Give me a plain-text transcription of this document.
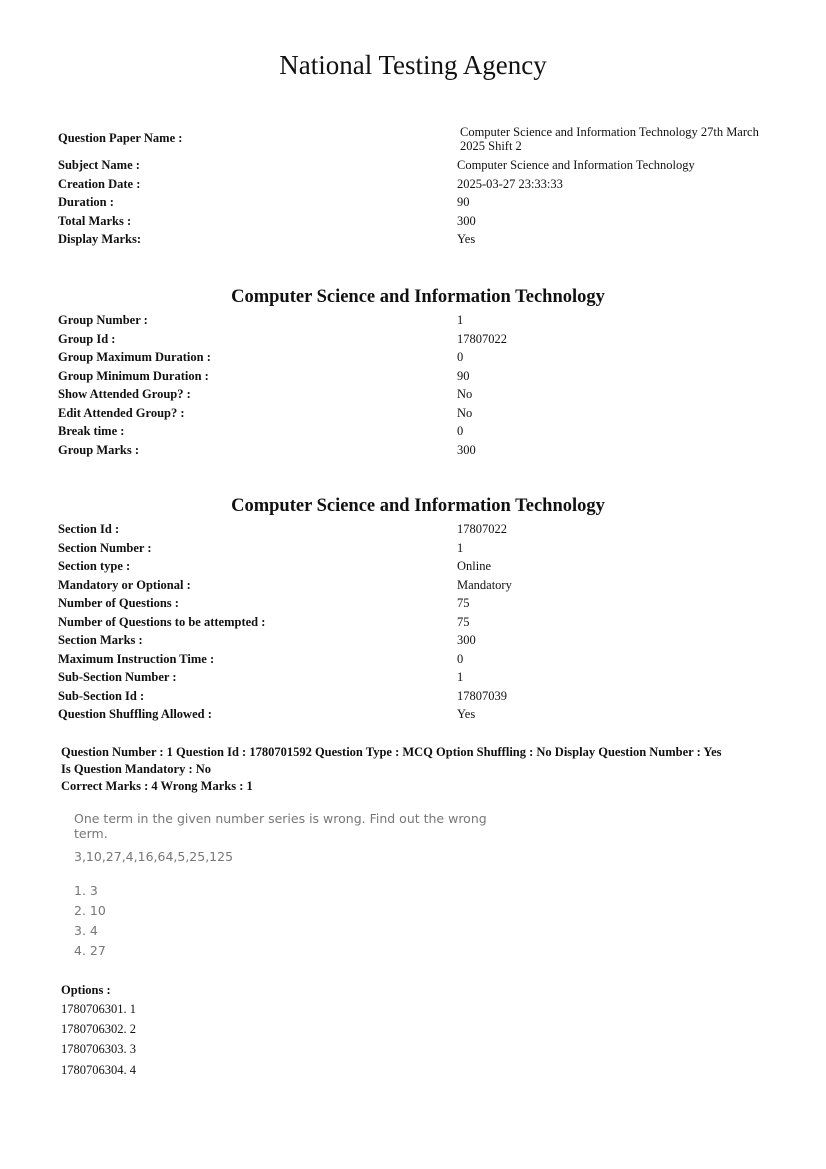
National Testing Agency
Question Paper Name :	Computer Science and Information Technology 27th March 2025 Shift 2
Subject Name :	Computer Science and Information Technology
Creation Date :	2025-03-27 23:33:33
Duration :	90
Total Marks :	300
Display Marks:	Yes
Computer Science and Information Technology
Group Number :	1
Group Id :	17807022
Group Maximum Duration :	0
Group Minimum Duration :	90
Show Attended Group? :	No
Edit Attended Group? :	No
Break time :	0
Group Marks :	300
Computer Science and Information Technology
Section Id :	17807022
Section Number :	1
Section type :	Online
Mandatory or Optional :	Mandatory
Number of Questions :	75
Number of Questions to be attempted :	75
Section Marks :	300
Maximum Instruction Time :	0
Sub-Section Number :	1
Sub-Section Id :	17807039
Question Shuffling Allowed :	Yes
Question Number : 1 Question Id : 1780701592 Question Type : MCQ Option Shuffling : No Display Question Number : Yes
Is Question Mandatory : No
Correct Marks : 4 Wrong Marks : 1
One term in the given number series is wrong. Find out the wrong term.
3,10,27,4,16,64,5,25,125
1. 3
2. 10
3. 4
4. 27
Options :
1780706301. 1
1780706302. 2
1780706303. 3
1780706304. 4
